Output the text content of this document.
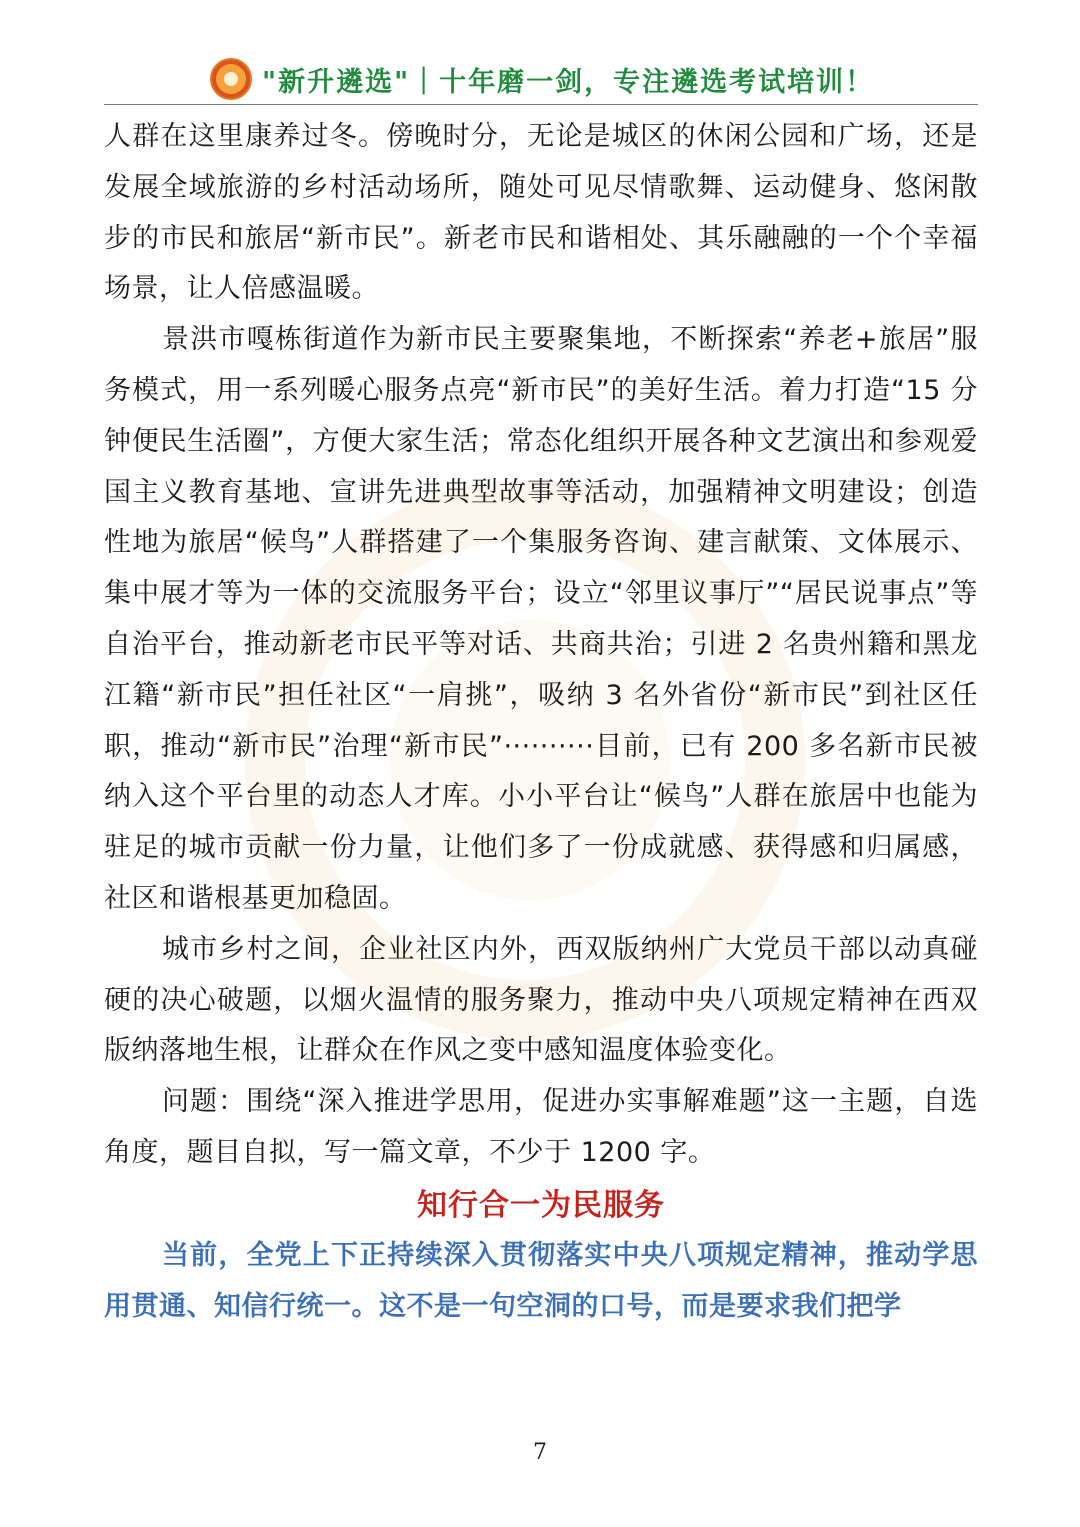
"新升遴选"｜十年磨一剑，专注遴选考试培训！

人群在这里康养过冬。傍晚时分，无论是城区的休闲公园和广场，还是发展全域旅游的乡村活动场所，随处可见尽情歌舞、运动健身、悠闲散步的市民和旅居“新市民”。新老市民和谐相处、其乐融融的一个个幸福场景，让人倍感温暖。

景洪市嘎栋街道作为新市民主要聚集地，不断探索“养老+旅居”服务模式，用一系列暖心服务点亮“新市民”的美好生活。着力打造“15 分钟便民生活圈”，方便大家生活；常态化组织开展各种文艺演出和参观爱国主义教育基地、宣讲先进典型故事等活动，加强精神文明建设；创造性地为旅居“候鸟”人群搭建了一个集服务咨询、建言献策、文体展示、集中展才等为一体的交流服务平台；设立“邻里议事厅”“居民说事点”等自治平台，推动新老市民平等对话、共商共治；引进 2 名贵州籍和黑龙江籍“新市民”担任社区“一肩挑”，吸纳 3 名外省份“新市民”到社区任职，推动“新市民”治理“新市民”··········目前，已有 200 多名新市民被纳入这个平台里的动态人才库。小小平台让“候鸟”人群在旅居中也能为驻足的城市贡献一份力量，让他们多了一份成就感、获得感和归属感，社区和谐根基更加稳固。

城市乡村之间，企业社区内外，西双版纳州广大党员干部以动真碰硬的决心破题，以烟火温情的服务聚力，推动中央八项规定精神在西双版纳落地生根，让群众在作风之变中感知温度体验变化。

问题：围绕“深入推进学思用，促进办实事解难题”这一主题，自选角度，题目自拟，写一篇文章，不少于 1200 字。

知行合一为民服务

当前，全党上下正持续深入贯彻落实中央八项规定精神，推动学思用贯通、知信行统一。这不是一句空洞的口号，而是要求我们把学

7
